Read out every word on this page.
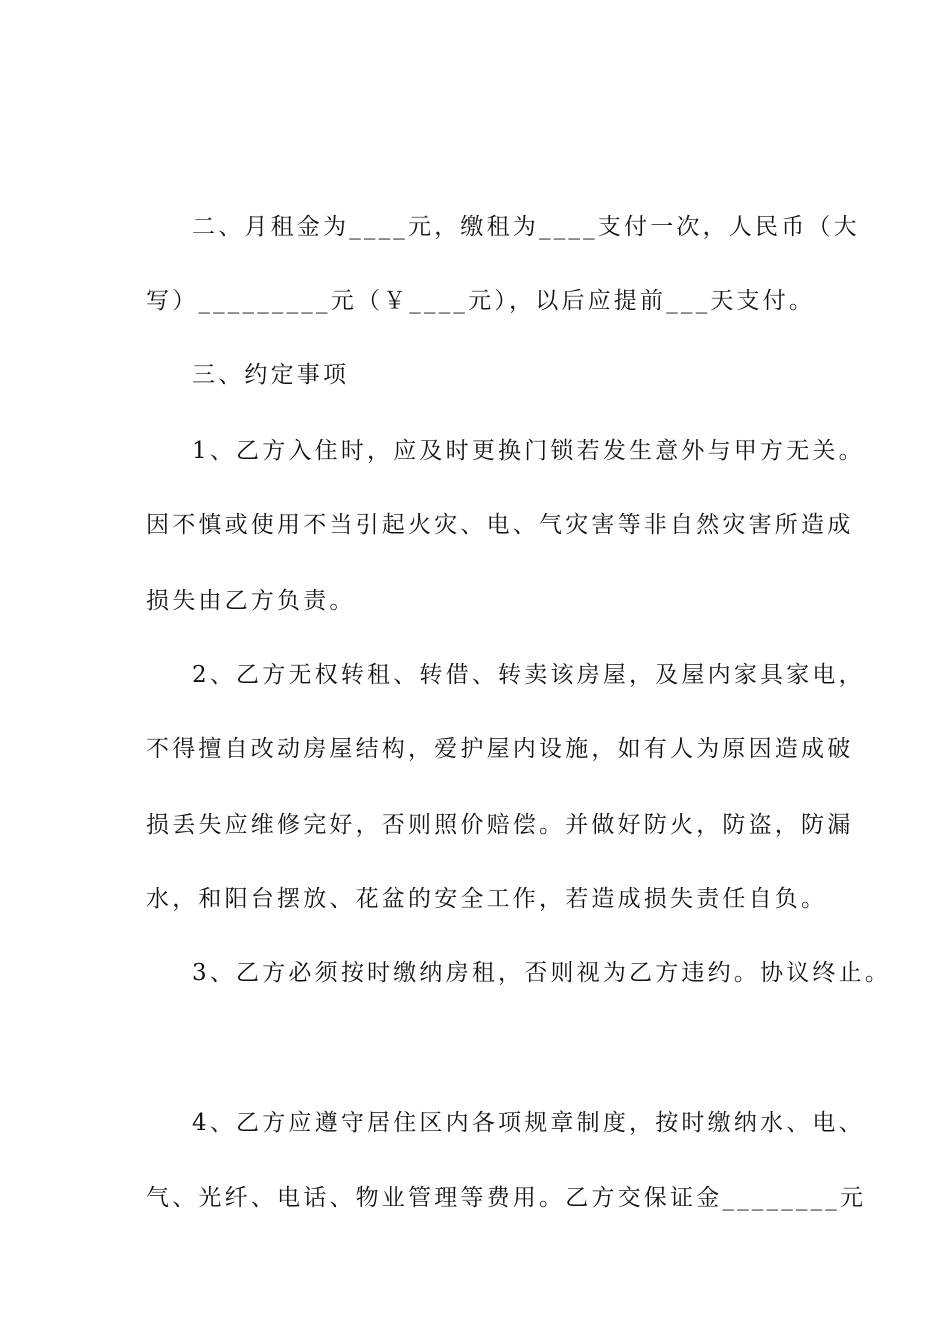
二、月租金为____元，缴租为____支付一次，人民币（大

写）_________元（￥____元），以后应提前___天支付。

三、约定事项

1、乙方入住时，应及时更换门锁若发生意外与甲方无关。

因不慎或使用不当引起火灾、电、气灾害等非自然灾害所造成

损失由乙方负责。

2、乙方无权转租、转借、转卖该房屋，及屋内家具家电，

不得擅自改动房屋结构，爱护屋内设施，如有人为原因造成破

损丢失应维修完好，否则照价赔偿。并做好防火，防盗，防漏

水，和阳台摆放、花盆的安全工作，若造成损失责任自负。

3、乙方必须按时缴纳房租，否则视为乙方违约。协议终止。

4、乙方应遵守居住区内各项规章制度，按时缴纳水、电、

气、光纤、电话、物业管理等费用。乙方交保证金________元
